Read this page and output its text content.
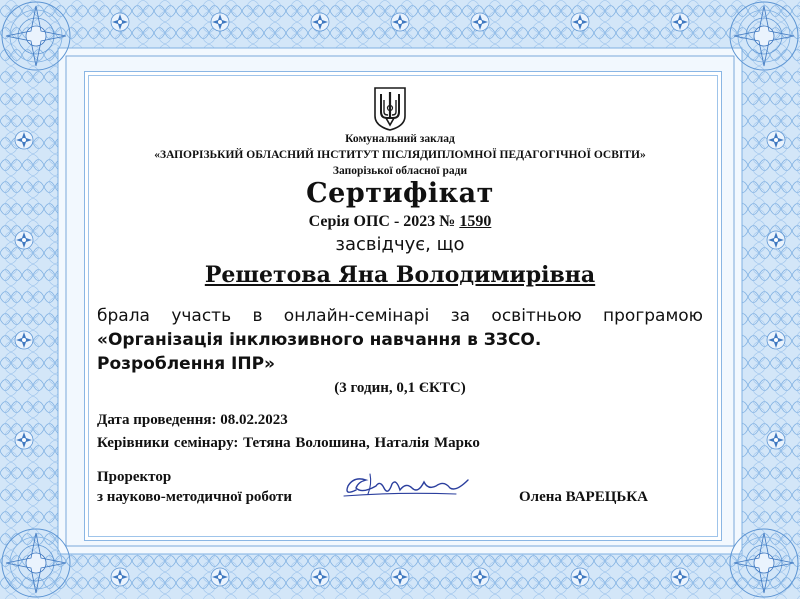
Комунальний заклад
«ЗАПОРІЗЬКИЙ ОБЛАСНИЙ ІНСТИТУТ ПІСЛЯДИПЛОМНОЇ ПЕДАГОГІЧНОЇ ОСВІТИ»
Запорізької обласної ради
Сертифікат
Серія ОПС - 2023 № 1590
засвідчує, що
Решетова Яна Володимирівна
брала участь в онлайн-семінарі за освітньою програмою
«Організація інклюзивного навчання в ЗЗСО.
Розроблення ІПР»
(3 годин, 0,1 ЄКТС)
Дата проведення: 08.02.2023
Керівники семінару: Тетяна Волошина, Наталія Марко
Проректор
з науково-методичної роботи	Олена ВАРЕЦЬКА
